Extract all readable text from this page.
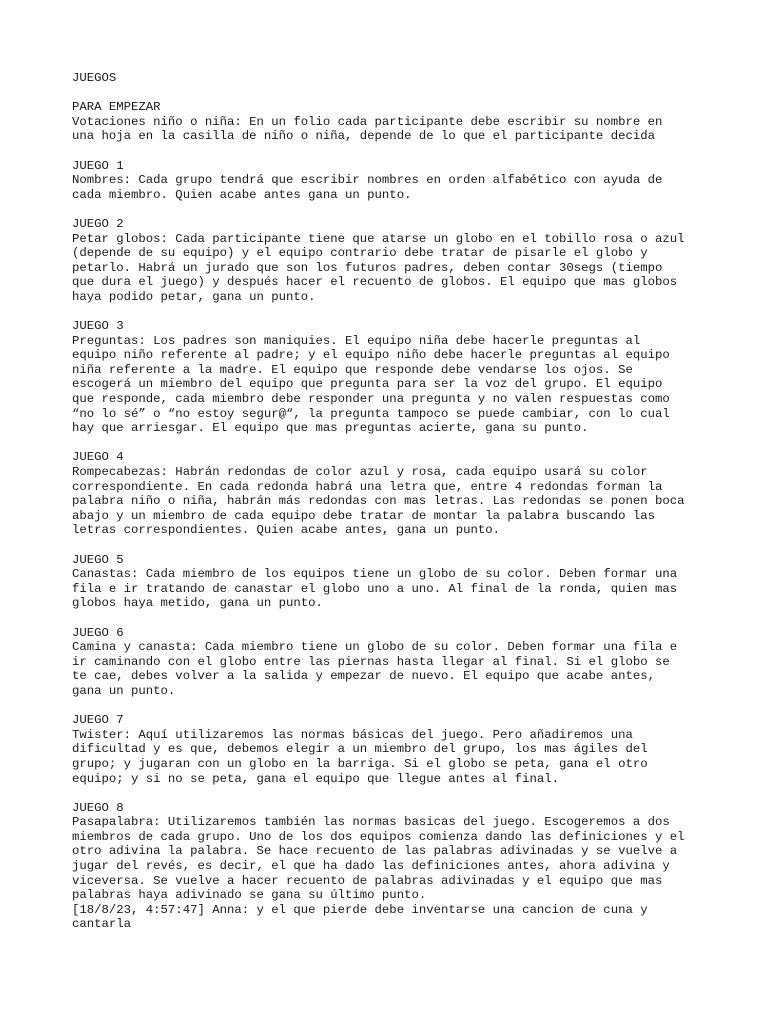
JUEGOS
PARA EMPEZAR
Votaciones niño o niña: En un folio cada participante debe escribir su nombre en
una hoja en la casilla de niño o niña, depende de lo que el participante decida
JUEGO 1
Nombres: Cada grupo tendrá que escribir nombres en orden alfabético con ayuda de
cada miembro. Quien acabe antes gana un punto.
JUEGO 2
Petar globos: Cada participante tiene que atarse un globo en el tobillo rosa o azul
(depende de su equipo) y el equipo contrario debe tratar de pisarle el globo y
petarlo. Habrá un jurado que son los futuros padres, deben contar 30segs (tiempo
que dura el juego) y después hacer el recuento de globos. El equipo que mas globos
haya podido petar, gana un punto.
JUEGO 3
Preguntas: Los padres son maniquies. El equipo niña debe hacerle preguntas al
equipo niño referente al padre; y el equipo niño debe hacerle preguntas al equipo
niña referente a la madre. El equipo que responde debe vendarse los ojos. Se
escogerá un miembro del equipo que pregunta para ser la voz del grupo. El equipo
que responde, cada miembro debe responder una pregunta y no valen respuestas como
“no lo sé” o “no estoy segur@“, la pregunta tampoco se puede cambiar, con lo cual
hay que arriesgar. El equipo que mas preguntas acierte, gana su punto.
JUEGO 4
Rompecabezas: Habrán redondas de color azul y rosa, cada equipo usará su color
correspondiente. En cada redonda habrá una letra que, entre 4 redondas forman la
palabra niño o niña, habrán más redondas con mas letras. Las redondas se ponen boca
abajo y un miembro de cada equipo debe tratar de montar la palabra buscando las
letras correspondientes. Quien acabe antes, gana un punto.
JUEGO 5
Canastas: Cada miembro de los equipos tiene un globo de su color. Deben formar una
fila e ir tratando de canastar el globo uno a uno. Al final de la ronda, quien mas
globos haya metido, gana un punto.
JUEGO 6
Camina y canasta: Cada miembro tiene un globo de su color. Deben formar una fila e
ir caminando con el globo entre las piernas hasta llegar al final. Si el globo se
te cae, debes volver a la salida y empezar de nuevo. El equipo que acabe antes,
gana un punto.
JUEGO 7
Twister: Aquí utilizaremos las normas básicas del juego. Pero añadiremos una
dificultad y es que, debemos elegir a un miembro del grupo, los mas ágiles del
grupo; y jugaran con un globo en la barriga. Si el globo se peta, gana el otro
equipo; y si no se peta, gana el equipo que llegue antes al final.
JUEGO 8
Pasapalabra: Utilizaremos también las normas basicas del juego. Escogeremos a dos
miembros de cada grupo. Uno de los dos equipos comienza dando las definiciones y el
otro adivina la palabra. Se hace recuento de las palabras adivinadas y se vuelve a
jugar del revés, es decir, el que ha dado las definiciones antes, ahora adivina y
viceversa. Se vuelve a hacer recuento de palabras adivinadas y el equipo que mas
palabras haya adivinado se gana su último punto.
[18/8/23, 4:57:47] Anna: y el que pierde debe inventarse una cancion de cuna y
cantarla
